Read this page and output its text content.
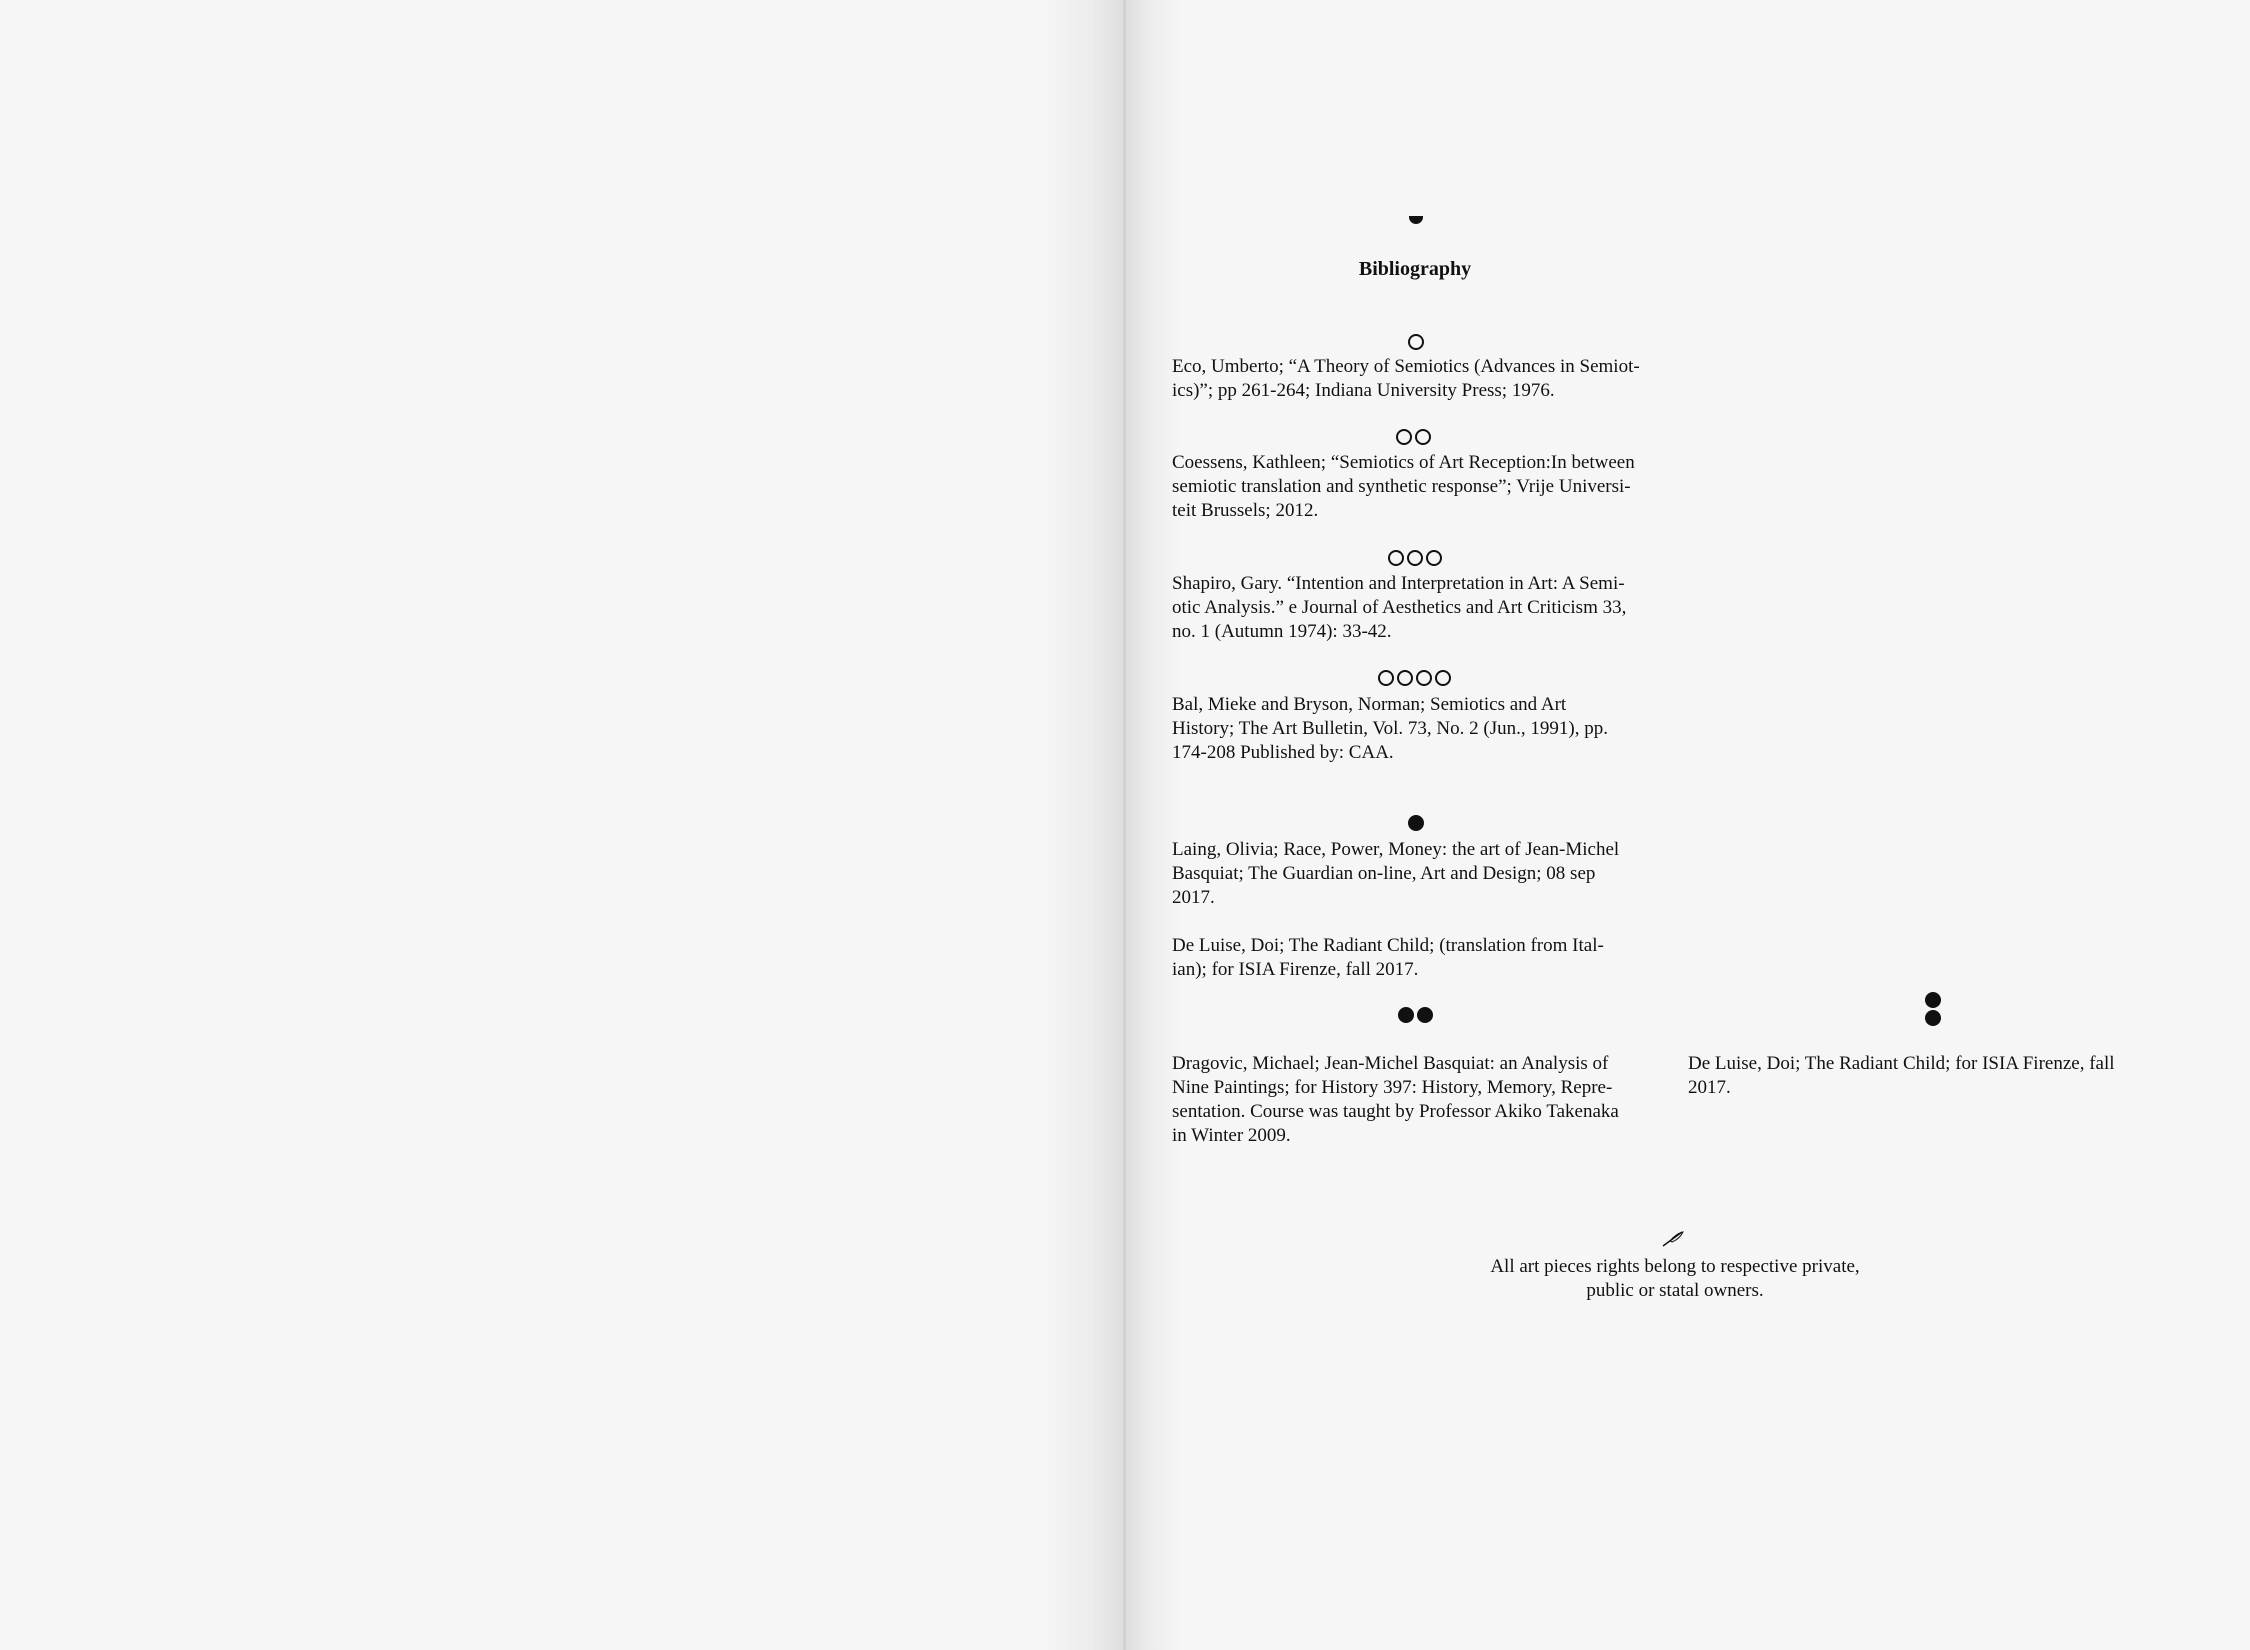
Bibliography
Eco, Umberto; “A Theory of Semiotics (Advances in Semiot-
ics)”; pp 261-264; Indiana University Press; 1976.
Coessens, Kathleen; “Semiotics of Art Reception:In between
semiotic translation and synthetic response”; Vrije Universi-
teit Brussels; 2012.
Shapiro, Gary. “Intention and Interpretation in Art: A Semi-
otic Analysis.” e Journal of Aesthetics and Art Criticism 33,
no. 1 (Autumn 1974): 33-42.
Bal, Mieke and Bryson, Norman; Semiotics and Art
History; The Art Bulletin, Vol. 73, No. 2 (Jun., 1991), pp.
174-208 Published by: CAA.
Laing, Olivia; Race, Power, Money: the art of Jean-Michel
Basquiat; The Guardian on-line, Art and Design; 08 sep
2017.
De Luise, Doi; The Radiant Child; (translation from Ital-
ian); for ISIA Firenze, fall 2017.
Dragovic, Michael; Jean-Michel Basquiat: an Analysis of
Nine Paintings; for History 397: History, Memory, Repre-
sentation. Course was taught by Professor Akiko Takenaka
in Winter 2009.
De Luise, Doi; The Radiant Child; for ISIA Firenze, fall
2017.
All art pieces rights belong to respective private,
public or statal owners.
